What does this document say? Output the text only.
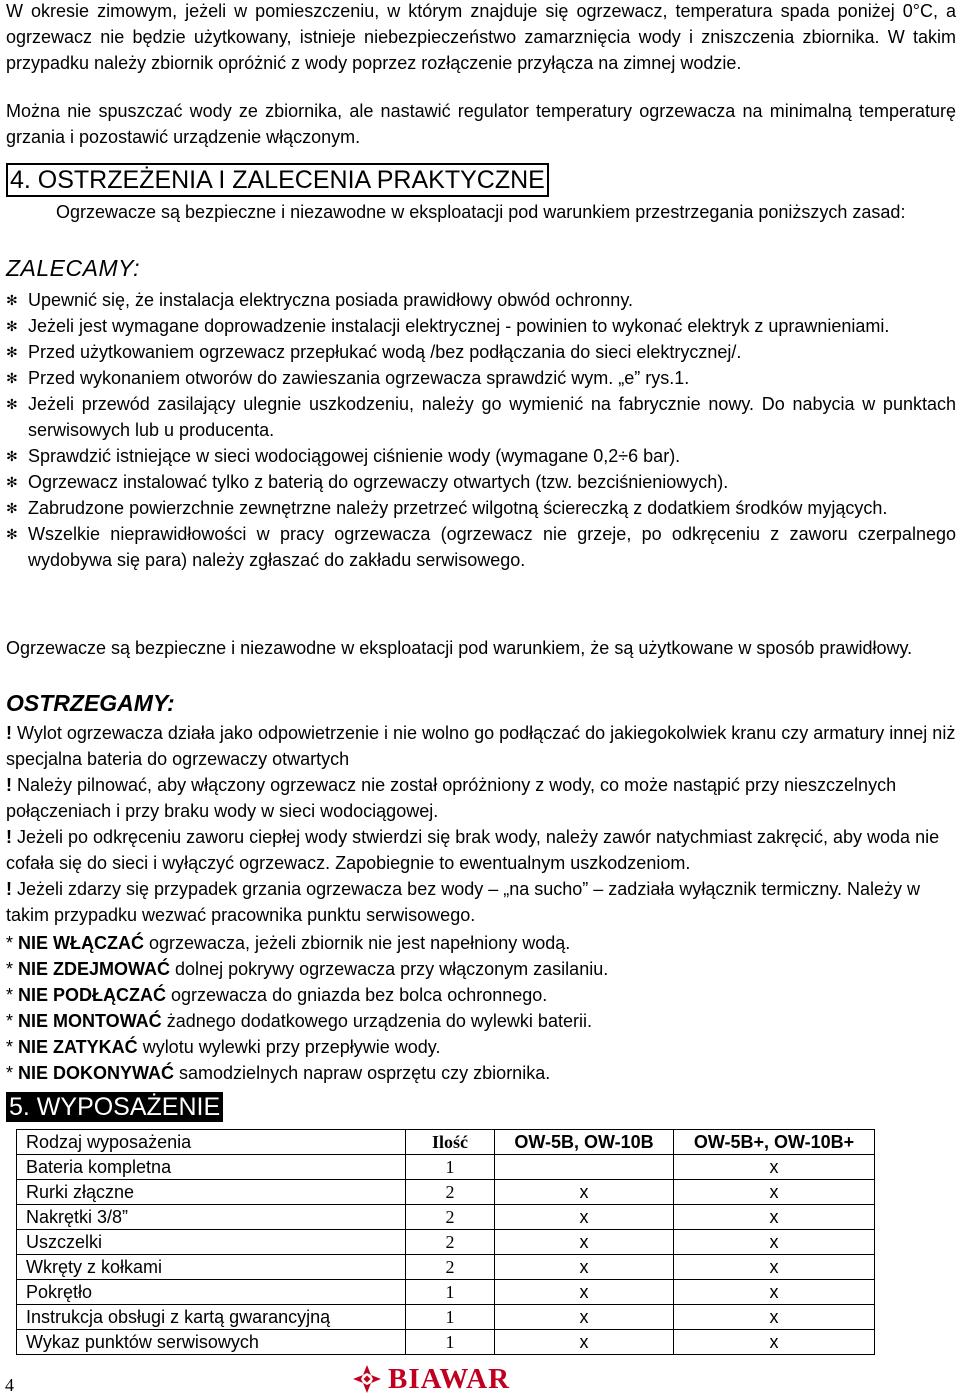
W okresie zimowym, jeżeli w pomieszczeniu, w którym znajduje się ogrzewacz, temperatura spada poniżej 0°C, a ogrzewacz nie będzie użytkowany, istnieje niebezpieczeństwo zamarznięcia wody i zniszczenia zbiornika. W takim przypadku należy zbiornik opróżnić z wody poprzez rozłączenie przyłącza na zimnej wodzie.
Można nie spuszczać wody ze zbiornika, ale nastawić regulator temperatury ogrzewacza na minimalną temperaturę grzania i pozostawić urządzenie włączonym.
4. OSTRZEŻENIA I ZALECENIA PRAKTYCZNE
Ogrzewacze są bezpieczne i niezawodne w eksploatacji pod warunkiem przestrzegania poniższych zasad:
ZALECAMY:
✻ Upewnić się, że instalacja elektryczna posiada prawidłowy obwód ochronny.
✻ Jeżeli jest wymagane doprowadzenie instalacji elektrycznej - powinien to wykonać elektryk z uprawnieniami.
✻ Przed użytkowaniem ogrzewacz przepłukać wodą /bez podłączania do sieci elektrycznej/.
✻ Przed wykonaniem otworów do zawieszania ogrzewacza sprawdzić wym. „e” rys.1.
✻ Jeżeli przewód zasilający ulegnie uszkodzeniu, należy go wymienić na fabrycznie nowy. Do nabycia w punktach serwisowych lub u producenta.
✻ Sprawdzić istniejące w sieci wodociągowej ciśnienie wody (wymagane 0,2÷6 bar).
✻ Ogrzewacz instalować tylko z baterią do ogrzewaczy otwartych (tzw. bezciśnieniowych).
✻ Zabrudzone powierzchnie zewnętrzne należy przetrzeć wilgotną ściereczką z dodatkiem środków myjących.
✻ Wszelkie nieprawidłowości w pracy ogrzewacza (ogrzewacz nie grzeje, po odkręceniu z zaworu czerpalnego wydobywa się para) należy zgłaszać do zakładu serwisowego.
Ogrzewacze są bezpieczne i niezawodne w eksploatacji pod warunkiem, że są użytkowane w sposób prawidłowy.
OSTRZEGAMY:
! Wylot ogrzewacza działa jako odpowietrzenie i nie wolno go podłączać do jakiegokolwiek kranu czy armatury innej niż specjalna bateria do ogrzewaczy otwartych
! Należy pilnować, aby włączony ogrzewacz nie został opróżniony z wody, co może nastąpić przy nieszczelnych połączeniach i przy braku wody w sieci wodociągowej.
! Jeżeli po odkręceniu zaworu ciepłej wody stwierdzi się brak wody, należy zawór natychmiast zakręcić, aby woda nie cofała się do sieci i wyłączyć ogrzewacz. Zapobiegnie to ewentualnym uszkodzeniom.
! Jeżeli zdarzy się przypadek grzania ogrzewacza bez wody – „na sucho” – zadziała wyłącznik termiczny. Należy w takim przypadku wezwać pracownika punktu serwisowego.
* NIE WŁĄCZAĆ ogrzewacza, jeżeli zbiornik nie jest napełniony wodą.
* NIE ZDEJMOWAĆ dolnej pokrywy ogrzewacza przy włączonym zasilaniu.
* NIE PODŁĄCZAĆ ogrzewacza do gniazda bez bolca ochronnego.
* NIE MONTOWAĆ żadnego dodatkowego urządzenia do wylewki baterii.
* NIE ZATYKAĆ wylotu wylewki przy przepływie wody.
* NIE DOKONYWAĆ samodzielnych napraw osprzętu czy zbiornika.
5. WYPOSAŻENIE
Rodzaj wyposażenia	Ilość	OW-5B, OW-10B	OW-5B+, OW-10B+
Bateria kompletna	1		x
Rurki złączne	2	x	x
Nakrętki 3/8”	2	x	x
Uszczelki	2	x	x
Wkręty z kołkami	2	x	x
Pokrętło	1	x	x
Instrukcja obsługi z kartą gwarancyjną	1	x	x
Wykaz punktów serwisowych	1	x	x
4	BIAWAR
